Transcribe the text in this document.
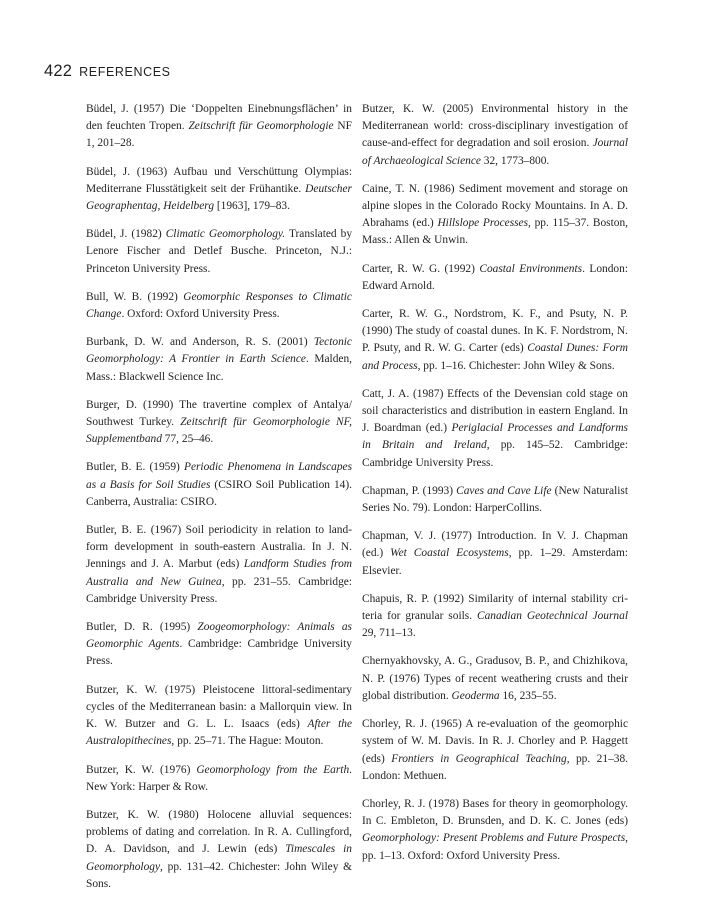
422 REFERENCES

Büdel, J. (1957) Die ‘Doppelten Einebnungsflächen’ in den feuchten Tropen. Zeitschrift für Geomorphologie NF 1, 201–28.

Büdel, J. (1963) Aufbau und Verschüttung Olympias: Mediterrane Flusstätigkeit seit der Frühantike. Deutscher Geographentag, Heidelberg [1963], 179–83.

Büdel, J. (1982) Climatic Geomorphology. Translated by Lenore Fischer and Detlef Busche. Princeton, N.J.: Princeton University Press.

Bull, W. B. (1992) Geomorphic Responses to Climatic Change. Oxford: Oxford University Press.

Burbank, D. W. and Anderson, R. S. (2001) Tectonic Geomorphology: A Frontier in Earth Science. Malden, Mass.: Blackwell Science Inc.

Burger, D. (1990) The travertine complex of Antalya/ Southwest Turkey. Zeitschrift für Geomorphologie NF, Supplementband 77, 25–46.

Butler, B. E. (1959) Periodic Phenomena in Landscapes as a Basis for Soil Studies (CSIRO Soil Publication 14). Canberra, Australia: CSIRO.

Butler, B. E. (1967) Soil periodicity in relation to landform development in south-eastern Australia. In J. N. Jennings and J. A. Marbut (eds) Landform Studies from Australia and New Guinea, pp. 231–55. Cambridge: Cambridge University Press.

Butler, D. R. (1995) Zoogeomorphology: Animals as Geomorphic Agents. Cambridge: Cambridge University Press.

Butzer, K. W. (1975) Pleistocene littoral-sedimentary cycles of the Mediterranean basin: a Mallorquin view. In K. W. Butzer and G. L. L. Isaacs (eds) After the Australopithecines, pp. 25–71. The Hague: Mouton.

Butzer, K. W. (1976) Geomorphology from the Earth. New York: Harper & Row.

Butzer, K. W. (1980) Holocene alluvial sequences: problems of dating and correlation. In R. A. Cullingford, D. A. Davidson, and J. Lewin (eds) Timescales in Geomorphology, pp. 131–42. Chichester: John Wiley & Sons.

Butzer, K. W. (2005) Environmental history in the Mediterranean world: cross-disciplinary investigation of cause-and-effect for degradation and soil erosion. Journal of Archaeological Science 32, 1773–800.

Caine, T. N. (1986) Sediment movement and storage on alpine slopes in the Colorado Rocky Mountains. In A. D. Abrahams (ed.) Hillslope Processes, pp. 115–37. Boston, Mass.: Allen & Unwin.

Carter, R. W. G. (1992) Coastal Environments. London: Edward Arnold.

Carter, R. W. G., Nordstrom, K. F., and Psuty, N. P. (1990) The study of coastal dunes. In K. F. Nordstrom, N. P. Psuty, and R. W. G. Carter (eds) Coastal Dunes: Form and Process, pp. 1–16. Chichester: John Wiley & Sons.

Catt, J. A. (1987) Effects of the Devensian cold stage on soil characteristics and distribution in eastern England. In J. Boardman (ed.) Periglacial Processes and Landforms in Britain and Ireland, pp. 145–52. Cambridge: Cambridge University Press.

Chapman, P. (1993) Caves and Cave Life (New Naturalist Series No. 79). London: HarperCollins.

Chapman, V. J. (1977) Introduction. In V. J. Chapman (ed.) Wet Coastal Ecosystems, pp. 1–29. Amsterdam: Elsevier.

Chapuis, R. P. (1992) Similarity of internal stability criteria for granular soils. Canadian Geotechnical Journal 29, 711–13.

Chernyakhovsky, A. G., Gradusov, B. P., and Chizhikova, N. P. (1976) Types of recent weathering crusts and their global distribution. Geoderma 16, 235–55.

Chorley, R. J. (1965) A re-evaluation of the geomorphic system of W. M. Davis. In R. J. Chorley and P. Haggett (eds) Frontiers in Geographical Teaching, pp. 21–38. London: Methuen.

Chorley, R. J. (1978) Bases for theory in geomorphology. In C. Embleton, D. Brunsden, and D. K. C. Jones (eds) Geomorphology: Present Problems and Future Prospects, pp. 1–13. Oxford: Oxford University Press.
